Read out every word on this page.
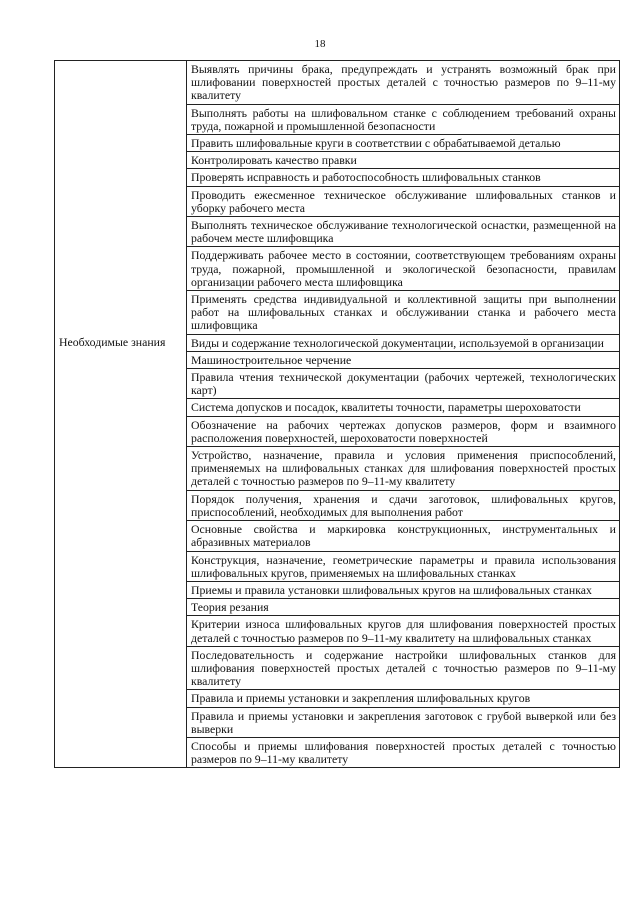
18
	Выявлять причины брака, предупреждать и устранять возможный брак при шлифовании поверхностей простых деталей с точностью размеров по 9–11-му квалитету
	Выполнять работы на шлифовальном станке с соблюдением требований охраны труда, пожарной и промышленной безопасности
	Править шлифовальные круги в соответствии с обрабатываемой деталью
	Контролировать качество правки
	Проверять исправность и работоспособность шлифовальных станков
	Проводить ежесменное техническое обслуживание шлифовальных станков и уборку рабочего места
	Выполнять техническое обслуживание технологической оснастки, размещенной на рабочем месте шлифовщика
	Поддерживать рабочее место в состоянии, соответствующем требованиям охраны труда, пожарной, промышленной и экологической безопасности, правилам организации рабочего места шлифовщика
	Применять средства индивидуальной и коллективной защиты при выполнении работ на шлифовальных станках и обслуживании станка и рабочего места шлифовщика

Необходимые знания	Виды и содержание технологической документации, используемой в организации
	Машиностроительное черчение
	Правила чтения технической документации (рабочих чертежей, технологических карт)
	Система допусков и посадок, квалитеты точности, параметры шероховатости
	Обозначение на рабочих чертежах допусков размеров, форм и взаимного расположения поверхностей, шероховатости поверхностей
	Устройство, назначение, правила и условия применения приспособлений, применяемых на шлифовальных станках для шлифования поверхностей простых деталей с точностью размеров по 9–11-му квалитету
	Порядок получения, хранения и сдачи заготовок, шлифовальных кругов, приспособлений, необходимых для выполнения работ
	Основные свойства и маркировка конструкционных, инструментальных и абразивных материалов
	Конструкция, назначение, геометрические параметры и правила использования шлифовальных кругов, применяемых на шлифовальных станках
	Приемы и правила установки шлифовальных кругов на шлифовальных станках
	Теория резания
	Критерии износа шлифовальных кругов для шлифования поверхностей простых деталей с точностью размеров по 9–11-му квалитету на шлифовальных станках
	Последовательность и содержание настройки шлифовальных станков для шлифования поверхностей простых деталей с точностью размеров по 9–11-му квалитету
	Правила и приемы установки и закрепления шлифовальных кругов
	Правила и приемы установки и закрепления заготовок с грубой выверкой или без выверки
	Способы и приемы шлифования поверхностей простых деталей с точностью размеров по 9–11-му квалитету
